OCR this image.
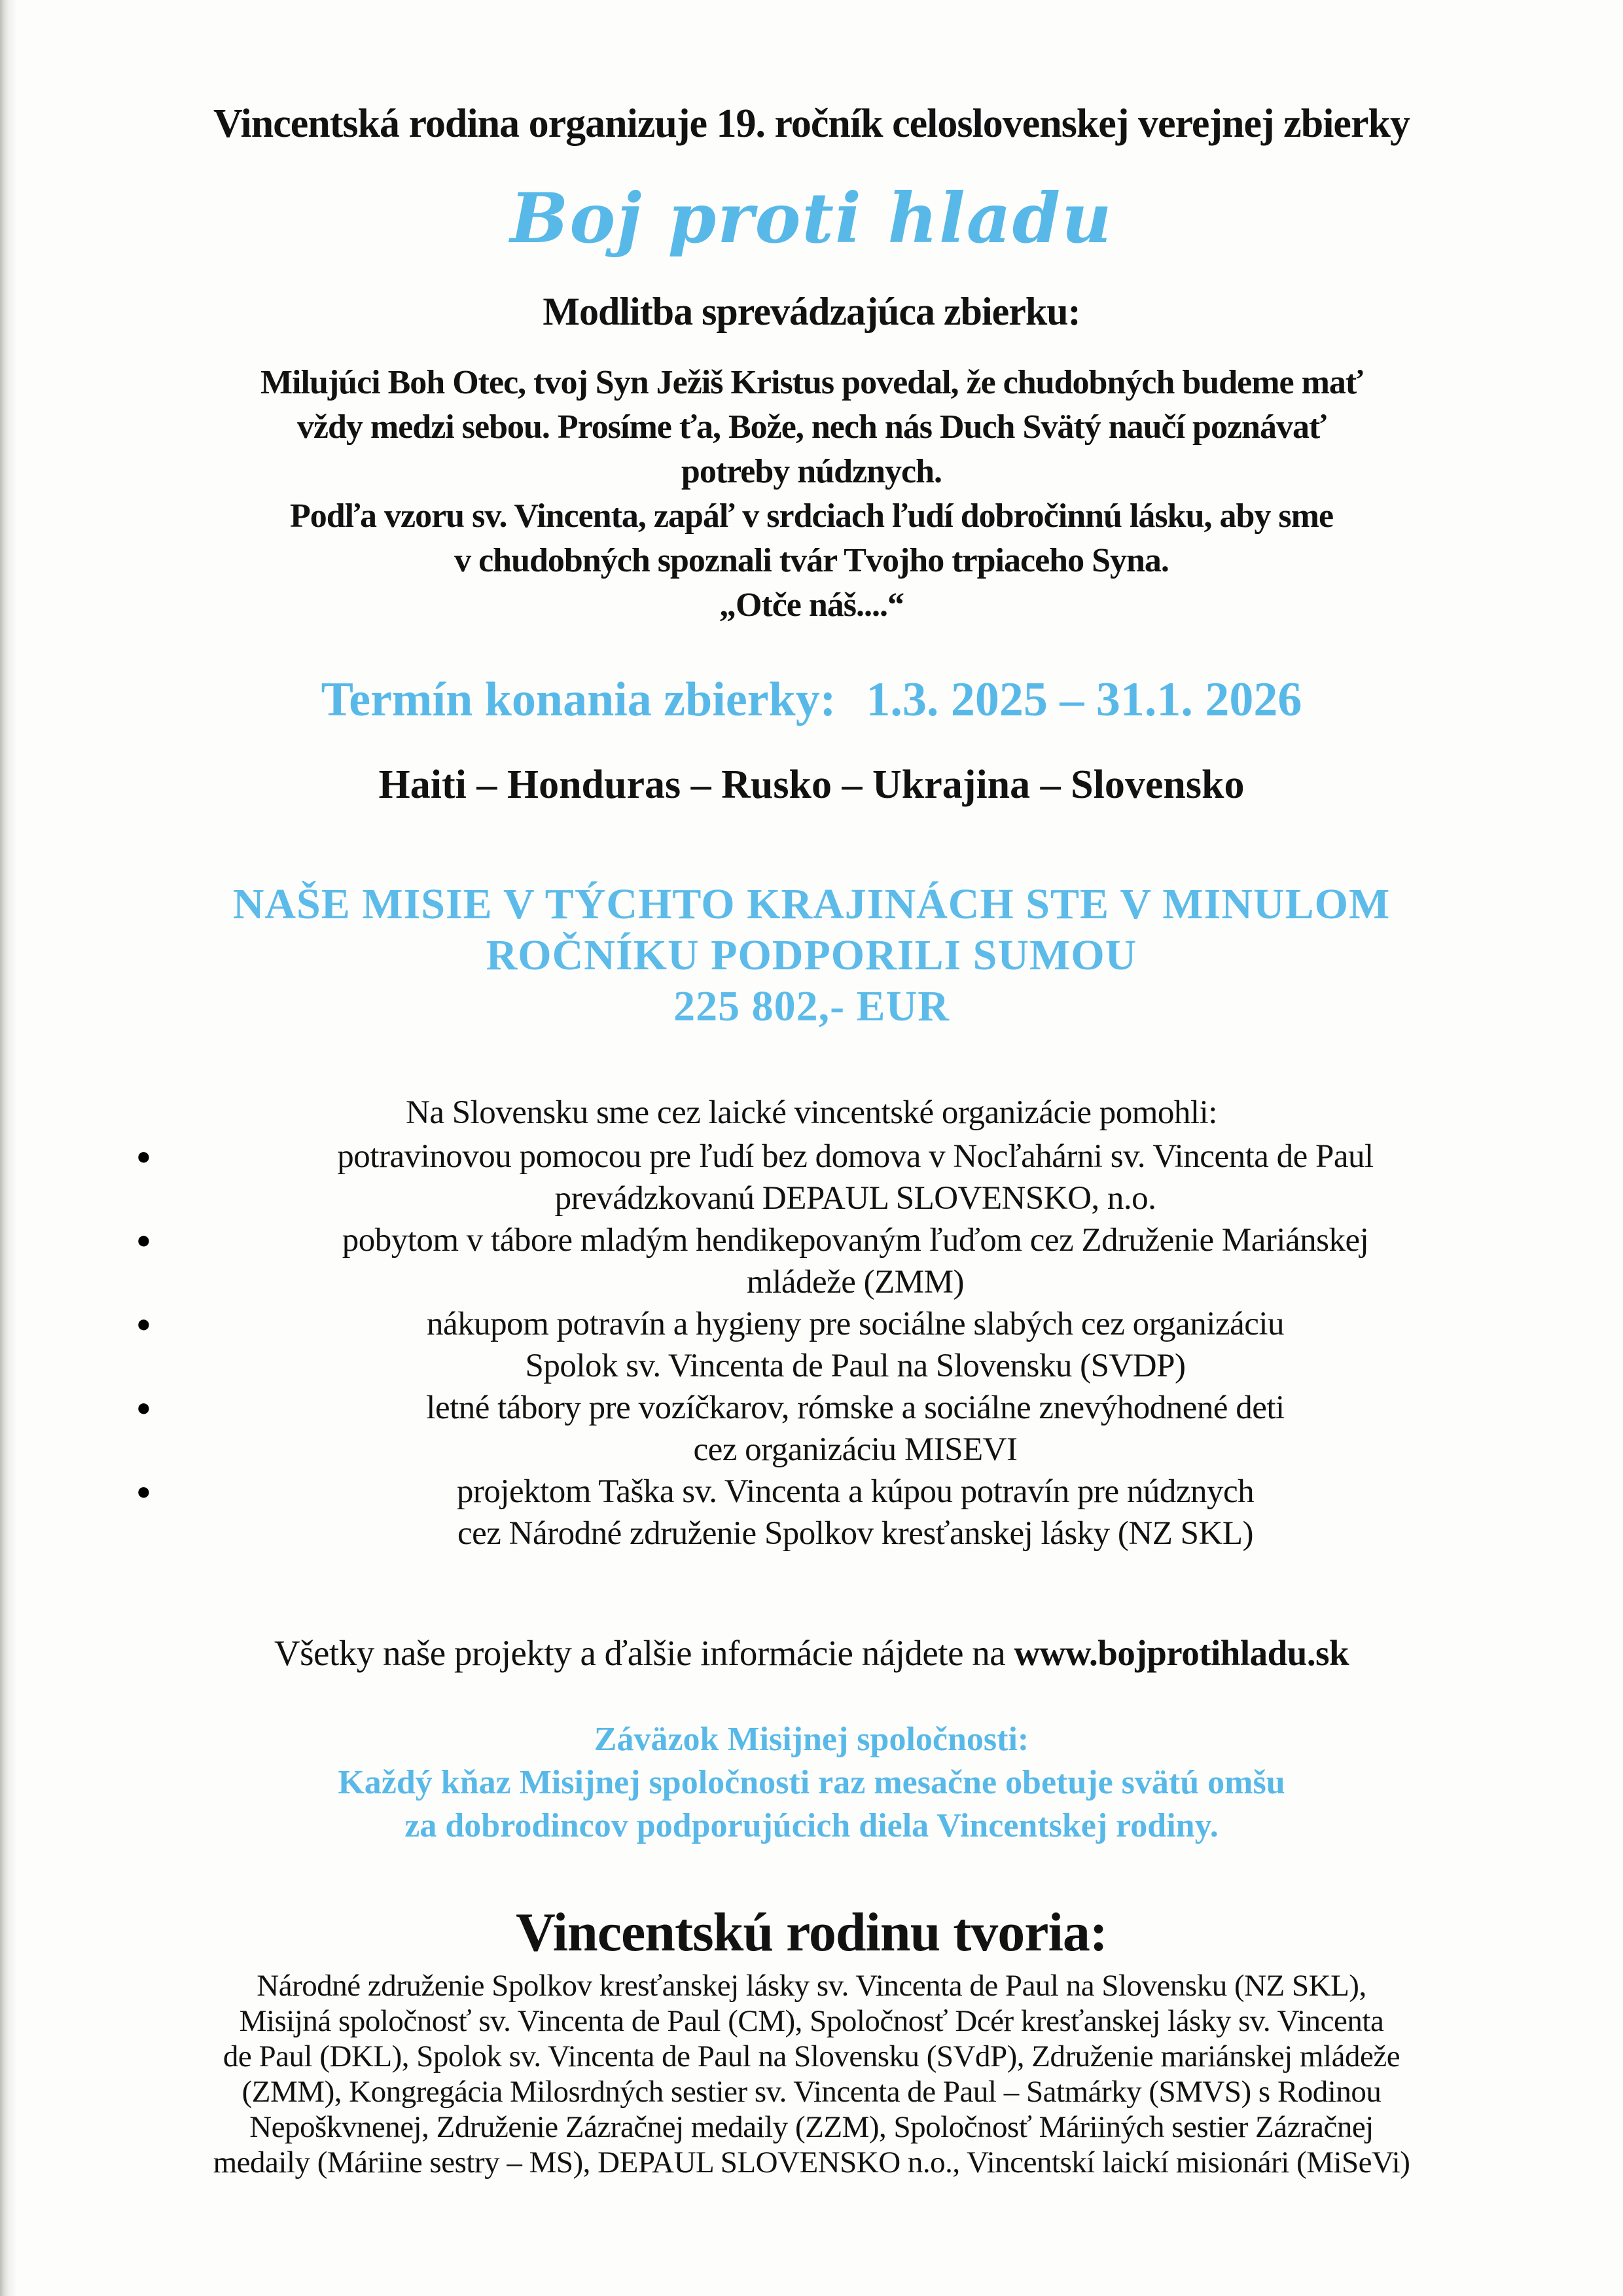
Vincentská rodina organizuje 19. ročník celoslovenskej verejnej zbierky
Boj proti hladu
Modlitba sprevádzajúca zbierku:
Milujúci Boh Otec, tvoj Syn Ježiš Kristus povedal, že chudobných budeme mať
vždy medzi sebou. Prosíme ťa, Bože, nech nás Duch Svätý naučí poznávať
potreby núdznych.
Podľa vzoru sv. Vincenta, zapáľ v srdciach ľudí dobročinnú lásku, aby sme
v chudobných spoznali tvár Tvojho trpiaceho Syna.
„Otče náš....“
Termín konania zbierky: 1.3. 2025 – 31.1. 2026
Haiti – Honduras – Rusko – Ukrajina – Slovensko
NAŠE MISIE V TÝCHTO KRAJINÁCH STE V MINULOM
ROČNÍKU PODPORILI SUMOU
225 802,- EUR
Na Slovensku sme cez laické vincentské organizácie pomohli:
●	potravinovou pomocou pre ľudí bez domova v Nocľahárni sv. Vincenta de Paul
prevádzkovanú DEPAUL SLOVENSKO, n.o.
●	pobytom v tábore mladým hendikepovaným ľuďom cez Združenie Mariánskej
mládeže (ZMM)
●	nákupom potravín a hygieny pre sociálne slabých cez organizáciu
Spolok sv. Vincenta de Paul na Slovensku (SVDP)
●	letné tábory pre vozíčkarov, rómske a sociálne znevýhodnené deti
cez organizáciu MISEVI
●	projektom Taška sv. Vincenta a kúpou potravín pre núdznych
cez Národné združenie Spolkov kresťanskej lásky (NZ SKL)
Všetky naše projekty a ďalšie informácie nájdete na www.bojprotihladu.sk
Záväzok Misijnej spoločnosti:
Každý kňaz Misijnej spoločnosti raz mesačne obetuje svätú omšu
za dobrodincov podporujúcich diela Vincentskej rodiny.
Vincentskú rodinu tvoria:
Národné združenie Spolkov kresťanskej lásky sv. Vincenta de Paul na Slovensku (NZ SKL),
Misijná spoločnosť sv. Vincenta de Paul (CM), Spoločnosť Dcér kresťanskej lásky sv. Vincenta
de Paul (DKL), Spolok sv. Vincenta de Paul na Slovensku (SVdP), Združenie mariánskej mládeže
(ZMM), Kongregácia Milosrdných sestier sv. Vincenta de Paul – Satmárky (SMVS) s Rodinou
Nepoškvnenej, Združenie Zázračnej medaily (ZZM), Spoločnosť Máriiných sestier Zázračnej
medaily (Máriine sestry – MS), DEPAUL SLOVENSKO n.o., Vincentskí laickí misionári (MiSeVi)
